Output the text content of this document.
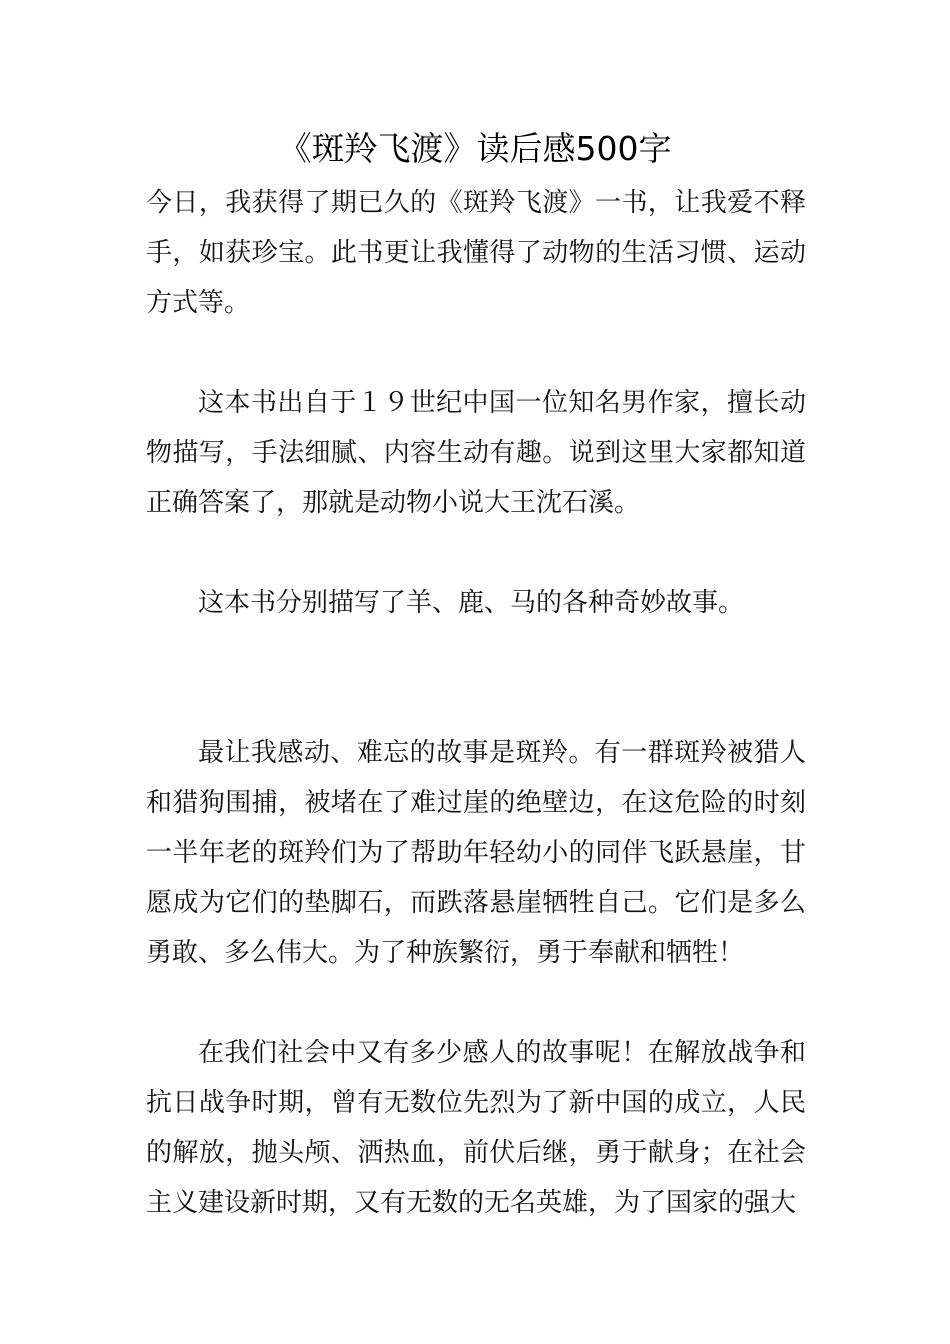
《斑羚飞渡》读后感500字

今日，我获得了期已久的《斑羚飞渡》一书，让我爱不释手，如获珍宝。此书更让我懂得了动物的生活习惯、运动方式等。

这本书出自于１９世纪中国一位知名男作家，擅长动物描写，手法细腻、内容生动有趣。说到这里大家都知道正确答案了，那就是动物小说大王沈石溪。

这本书分别描写了羊、鹿、马的各种奇妙故事。

最让我感动、难忘的故事是斑羚。有一群斑羚被猎人和猎狗围捕，被堵在了难过崖的绝壁边，在这危险的时刻一半年老的斑羚们为了帮助年轻幼小的同伴飞跃悬崖，甘愿成为它们的垫脚石，而跌落悬崖牺牲自己。它们是多么勇敢、多么伟大。为了种族繁衍，勇于奉献和牺牲！

在我们社会中又有多少感人的故事呢！在解放战争和抗日战争时期，曾有无数位先烈为了新中国的成立，人民的解放，抛头颅、洒热血，前伏后继，勇于献身；在社会主义建设新时期，又有无数的无名英雄，为了国家的强大
